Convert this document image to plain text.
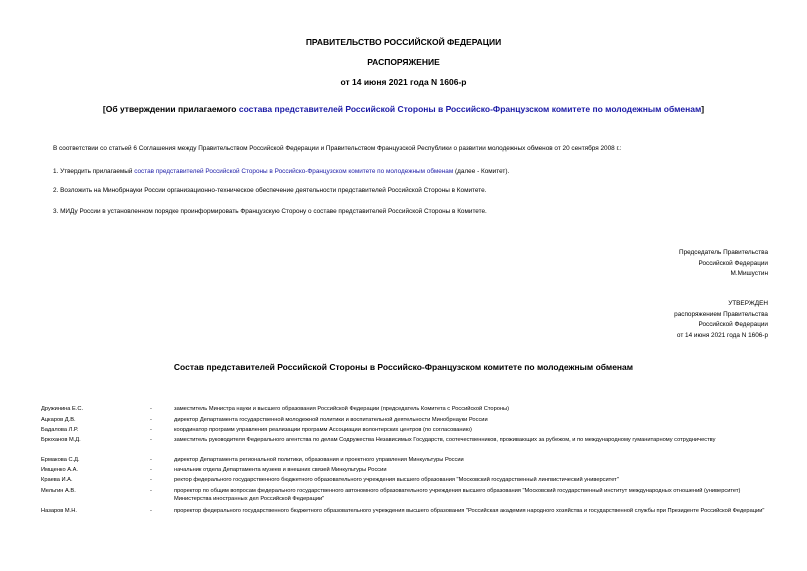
ПРАВИТЕЛЬСТВО РОССИЙСКОЙ ФЕДЕРАЦИИ
РАСПОРЯЖЕНИЕ
от 14 июня 2021 года N 1606-р
[Об утверждении прилагаемого состава представителей Российской Стороны в Российско-Французском комитете по молодежным обменам]
В соответствии со статьей 6 Соглашения между Правительством Российской Федерации и Правительством Французской Республики о развитии молодежных обменов от 20 сентября 2008 г.:
1. Утвердить прилагаемый состав представителей Российской Стороны в Российско-Французском комитете по молодежным обменам (далее - Комитет).
2. Возложить на Минобрнауки России организационно-техническое обеспечение деятельности представителей Российской Стороны в Комитете.
3. МИДу России в установленном порядке проинформировать Французскую Сторону о составе представителей Российской Стороны в Комитете.
Председатель Правительства
Российской Федерации
М.Мишустин
УТВЕРЖДЕН
распоряжением Правительства
Российской Федерации
от 14 июня 2021 года N 1606-р
Состав представителей Российской Стороны в Российско-Французском комитете по молодежным обменам
Дружинина Е.С.	-	заместитель Министра науки и высшего образования Российской Федерации (председатель Комитета с Российской Стороны)
Ацкаров Д.В.	-	директор Департамента государственной молодежной политики и воспитательной деятельности Минобрнауки России
Бадалова Л.Р.	-	координатор программ управления реализации программ Ассоциации волонтерских центров (по согласованию)
Брюханов М.Д.	-	заместитель руководителя Федерального агентства по делам Содружества Независимых Государств, соотечественников, проживающих за рубежом, и по международному гуманитарному сотрудничеству
Ермакова С.Д.	-	директор Департамента региональной политики, образования и проектного управления Минкультуры России
Имщенко А.А.	-	начальник отдела Департамента музеев и внешних связей Минкультуры России
Краева И.А.	-	ректор федерального государственного бюджетного образовательного учреждения высшего образования "Московский государственный лингвистический университет"
Мельгин А.В.	-	проректор по общим вопросам федерального государственного автономного образовательного учреждения высшего образования "Московский государственный институт международных отношений (университет) Министерства иностранных дел Российской Федерации"
Назаров М.Н.	-	проректор федерального государственного бюджетного образовательного учреждения высшего образования "Российская академия народного хозяйства и государственной службы при Президенте Российской Федерации"
